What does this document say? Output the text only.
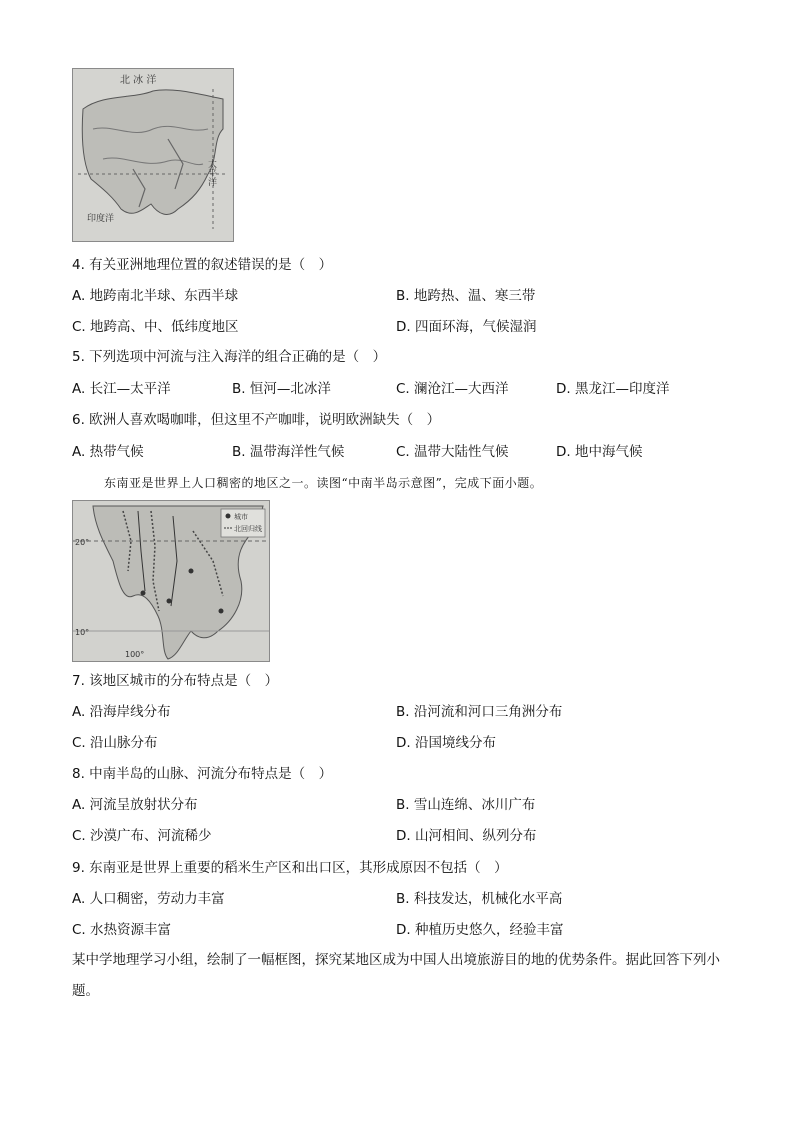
北 冰 洋
太平洋
印度洋
4. 有关亚洲地理位置的叙述错误的是（　）
A. 地跨南北半球、东西半球	B. 地跨热、温、寒三带
C. 地跨高、中、低纬度地区	D. 四面环海，气候湿润
5. 下列选项中河流与注入海洋的组合正确的是（　）
A. 长江—太平洋	B. 恒河—北冰洋	C. 澜沧江—大西洋	D. 黑龙江—印度洋
6. 欧洲人喜欢喝咖啡，但这里不产咖啡，说明欧洲缺失（　）
A. 热带气候	B. 温带海洋性气候	C. 温带大陆性气候	D. 地中海气候
东南亚是世界上人口稠密的地区之一。读图“中南半岛示意图”，完成下面小题。
城市
北回归线
20°
10°
100°
7. 该地区城市的分布特点是（　）
A. 沿海岸线分布	B. 沿河流和河口三角洲分布
C. 沿山脉分布	D. 沿国境线分布
8. 中南半岛的山脉、河流分布特点是（　）
A. 河流呈放射状分布	B. 雪山连绵、冰川广布
C. 沙漠广布、河流稀少	D. 山河相间、纵列分布
9. 东南亚是世界上重要的稻米生产区和出口区，其形成原因不包括（　）
A. 人口稠密，劳动力丰富	B. 科技发达，机械化水平高
C. 水热资源丰富	D. 种植历史悠久，经验丰富
某中学地理学习小组，绘制了一幅框图，探究某地区成为中国人出境旅游目的地的优势条件。据此回答下列小题。
